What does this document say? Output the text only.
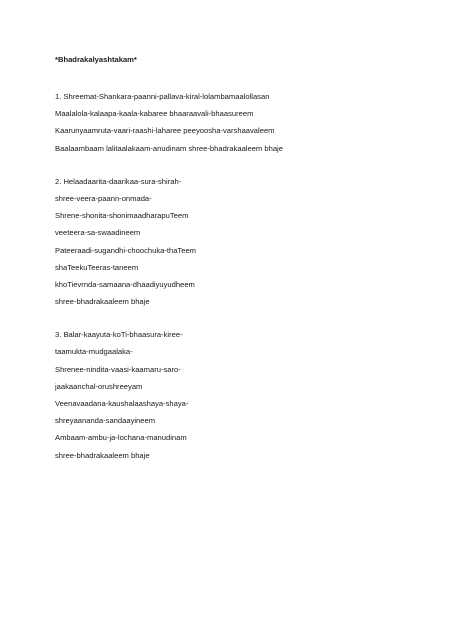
*Bhadrakalyashtakam*
1. Shreemat-Shankara-paanni-pallava-kiral-lolambamaalollasan
Maalalola-kalaapa-kaala-kabaree bhaaraavali-bhaasureem
Kaarunyaamruta-vaari-raashi-laharee peeyoosha-varshaavaleem
Baalaambaam lalitaalakaam-anudinam shree-bhadrakaaleem bhaje
2. Helaadaarita-daarikaa-sura-shirah-
shree-veera-paann-onmada-
Shrene-shonita-shonimaadharapuTeem
veeteera-sa-swaadineem
Pateeraadi-sugandhi-choochuka-thaTeem
shaTeekuTeeras-taneem
khoTievrnda-samaana-dhaadiyuyudheem
shree-bhadrakaaleem bhaje
3. Balar-kaayuta-koTi-bhaasura-kiree-
taamukta-mudgaalaka-
Shrenee-nindita-vaasi-kaamaru-saro-
jaakaanchal-orushreeyam
Veenavaadana-kaushalaashaya-shaya-
shreyaananda-sandaayineem
Ambaam-ambu-ja-lochana-manudinam
shree-bhadrakaaleem bhaje
